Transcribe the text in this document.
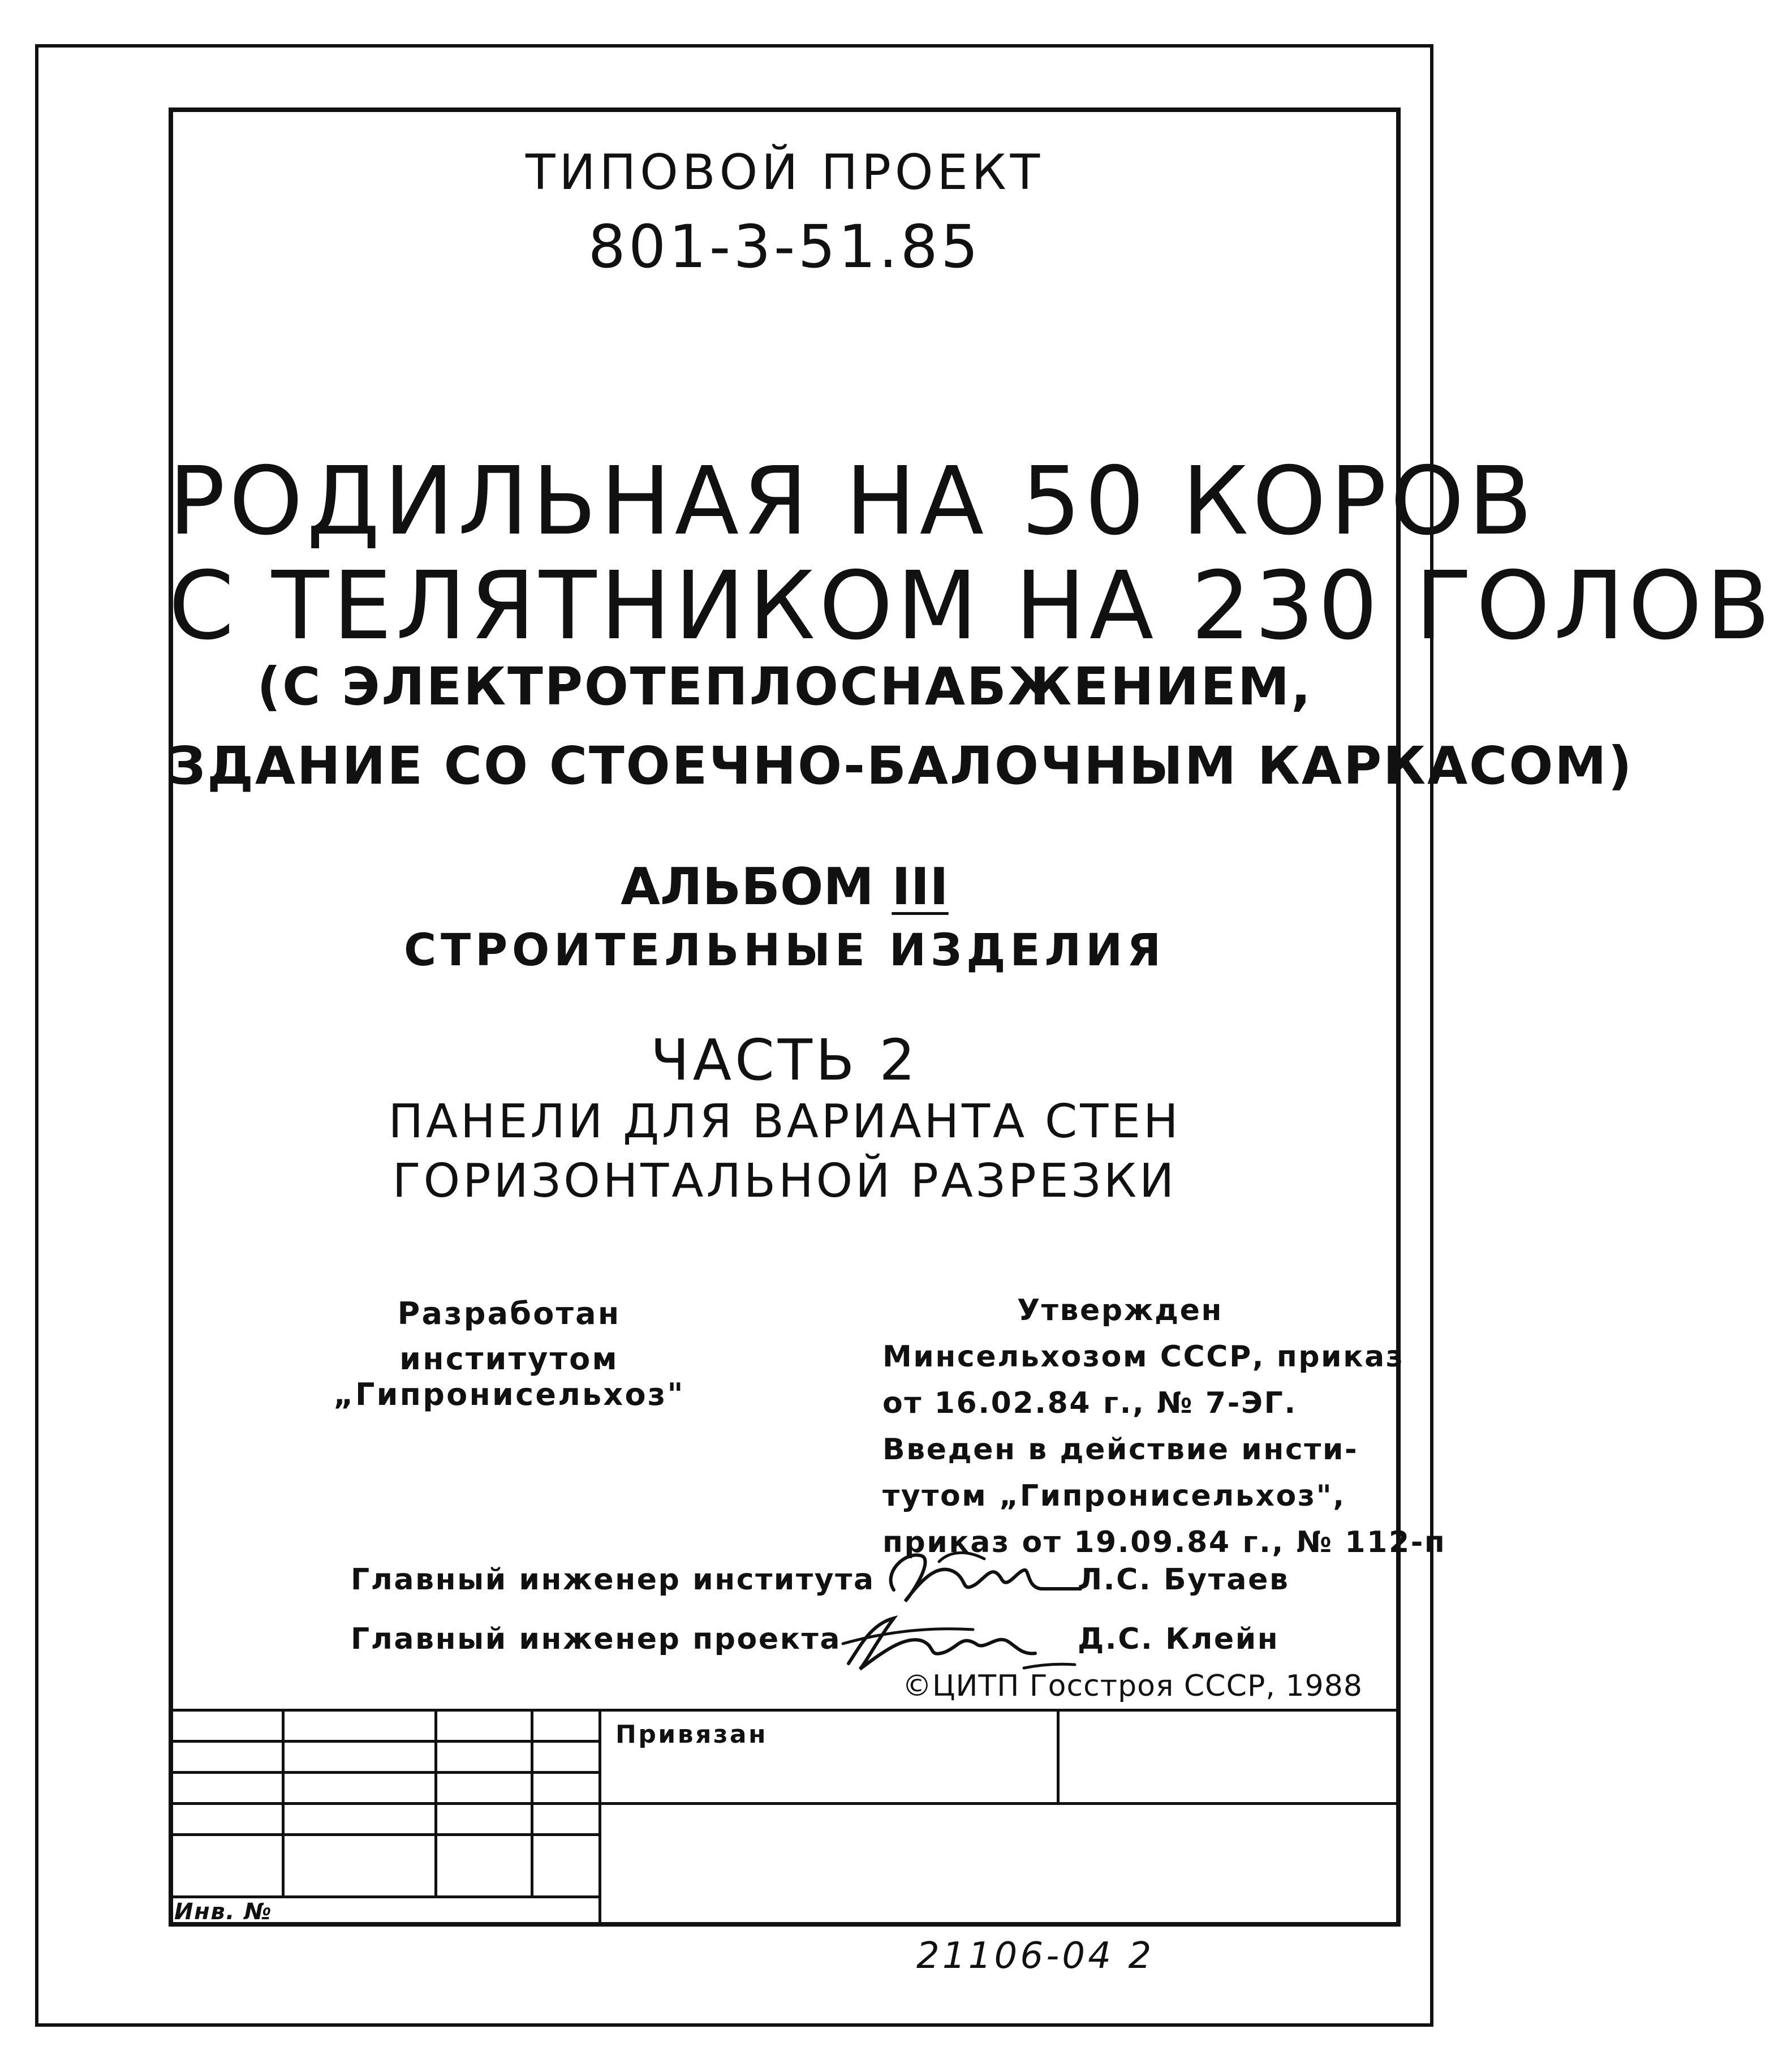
ТИПОВОЙ ПРОЕКТ
801-3-51.85
РОДИЛЬНАЯ НА 50 КОРОВ
С ТЕЛЯТНИКОМ НА 230 ГОЛОВ
(С ЭЛЕКТРОТЕПЛОСНАБЖЕНИЕМ,
ЗДАНИЕ СО СТОЕЧНО-БАЛОЧНЫМ КАРКАСОМ)
АЛЬБОМ III
СТРОИТЕЛЬНЫЕ ИЗДЕЛИЯ
ЧАСТЬ 2
ПАНЕЛИ ДЛЯ ВАРИАНТА СТЕН
ГОРИЗОНТАЛЬНОЙ РАЗРЕЗКИ
Разработан
институтом „Гипронисельхоз"
Утвержден
Минсельхозом СССР, приказ
от 16.02.84 г., № 7-ЭГ.
Введен в действие инсти-
тутом „Гипронисельхоз",
приказ от 19.09.84 г., № 112-п
Главный инженер института	Л.С. Бутаев
Главный инженер проекта	Д.С. Клейн
©ЦИТП Госстроя СССР, 1988
Привязан
Инв. №
21106-04 2
